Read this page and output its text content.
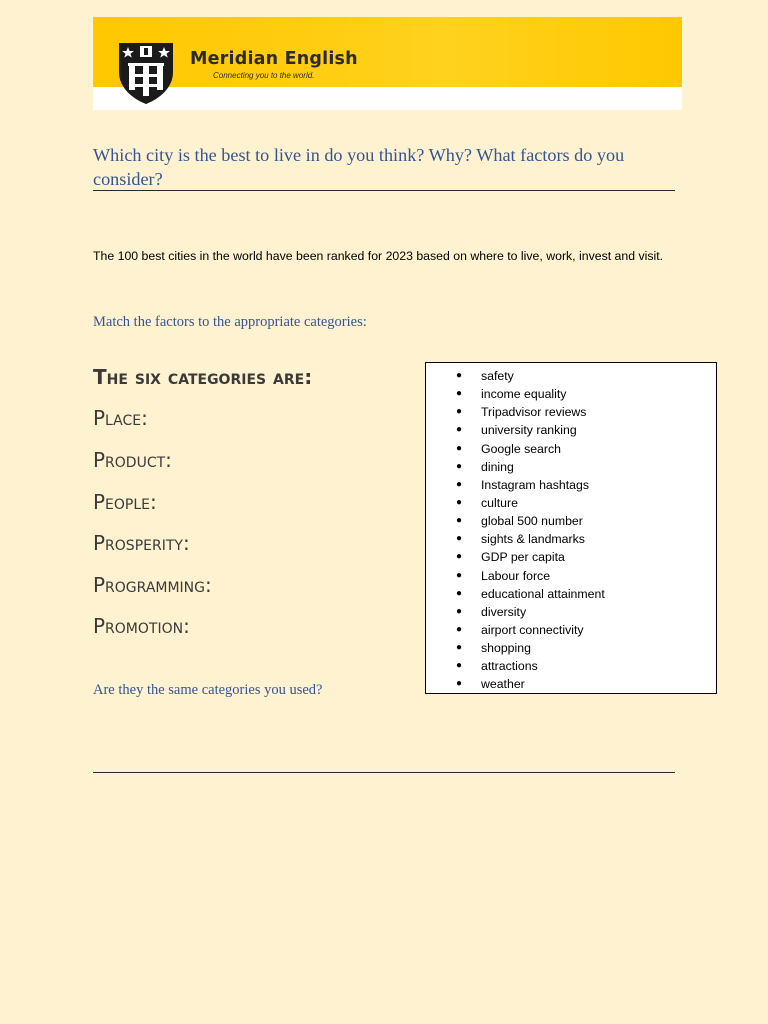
Meridian English
Connecting you to the world.
Which city is the best to live in do you think? Why? What factors do you consider?
The 100 best cities in the world have been ranked for 2023 based on where to live, work, invest and visit.
Match the factors to the appropriate categories:
The six categories are:
Place:
Product:
People:
Prosperity:
Programming:
Promotion:
Are they the same categories you used?
● safety
● income equality
● Tripadvisor reviews
● university ranking
● Google search
● dining
● Instagram hashtags
● culture
● global 500 number
● sights & landmarks
● GDP per capita
● Labour force
● educational attainment
● diversity
● airport connectivity
● shopping
● attractions
● weather
